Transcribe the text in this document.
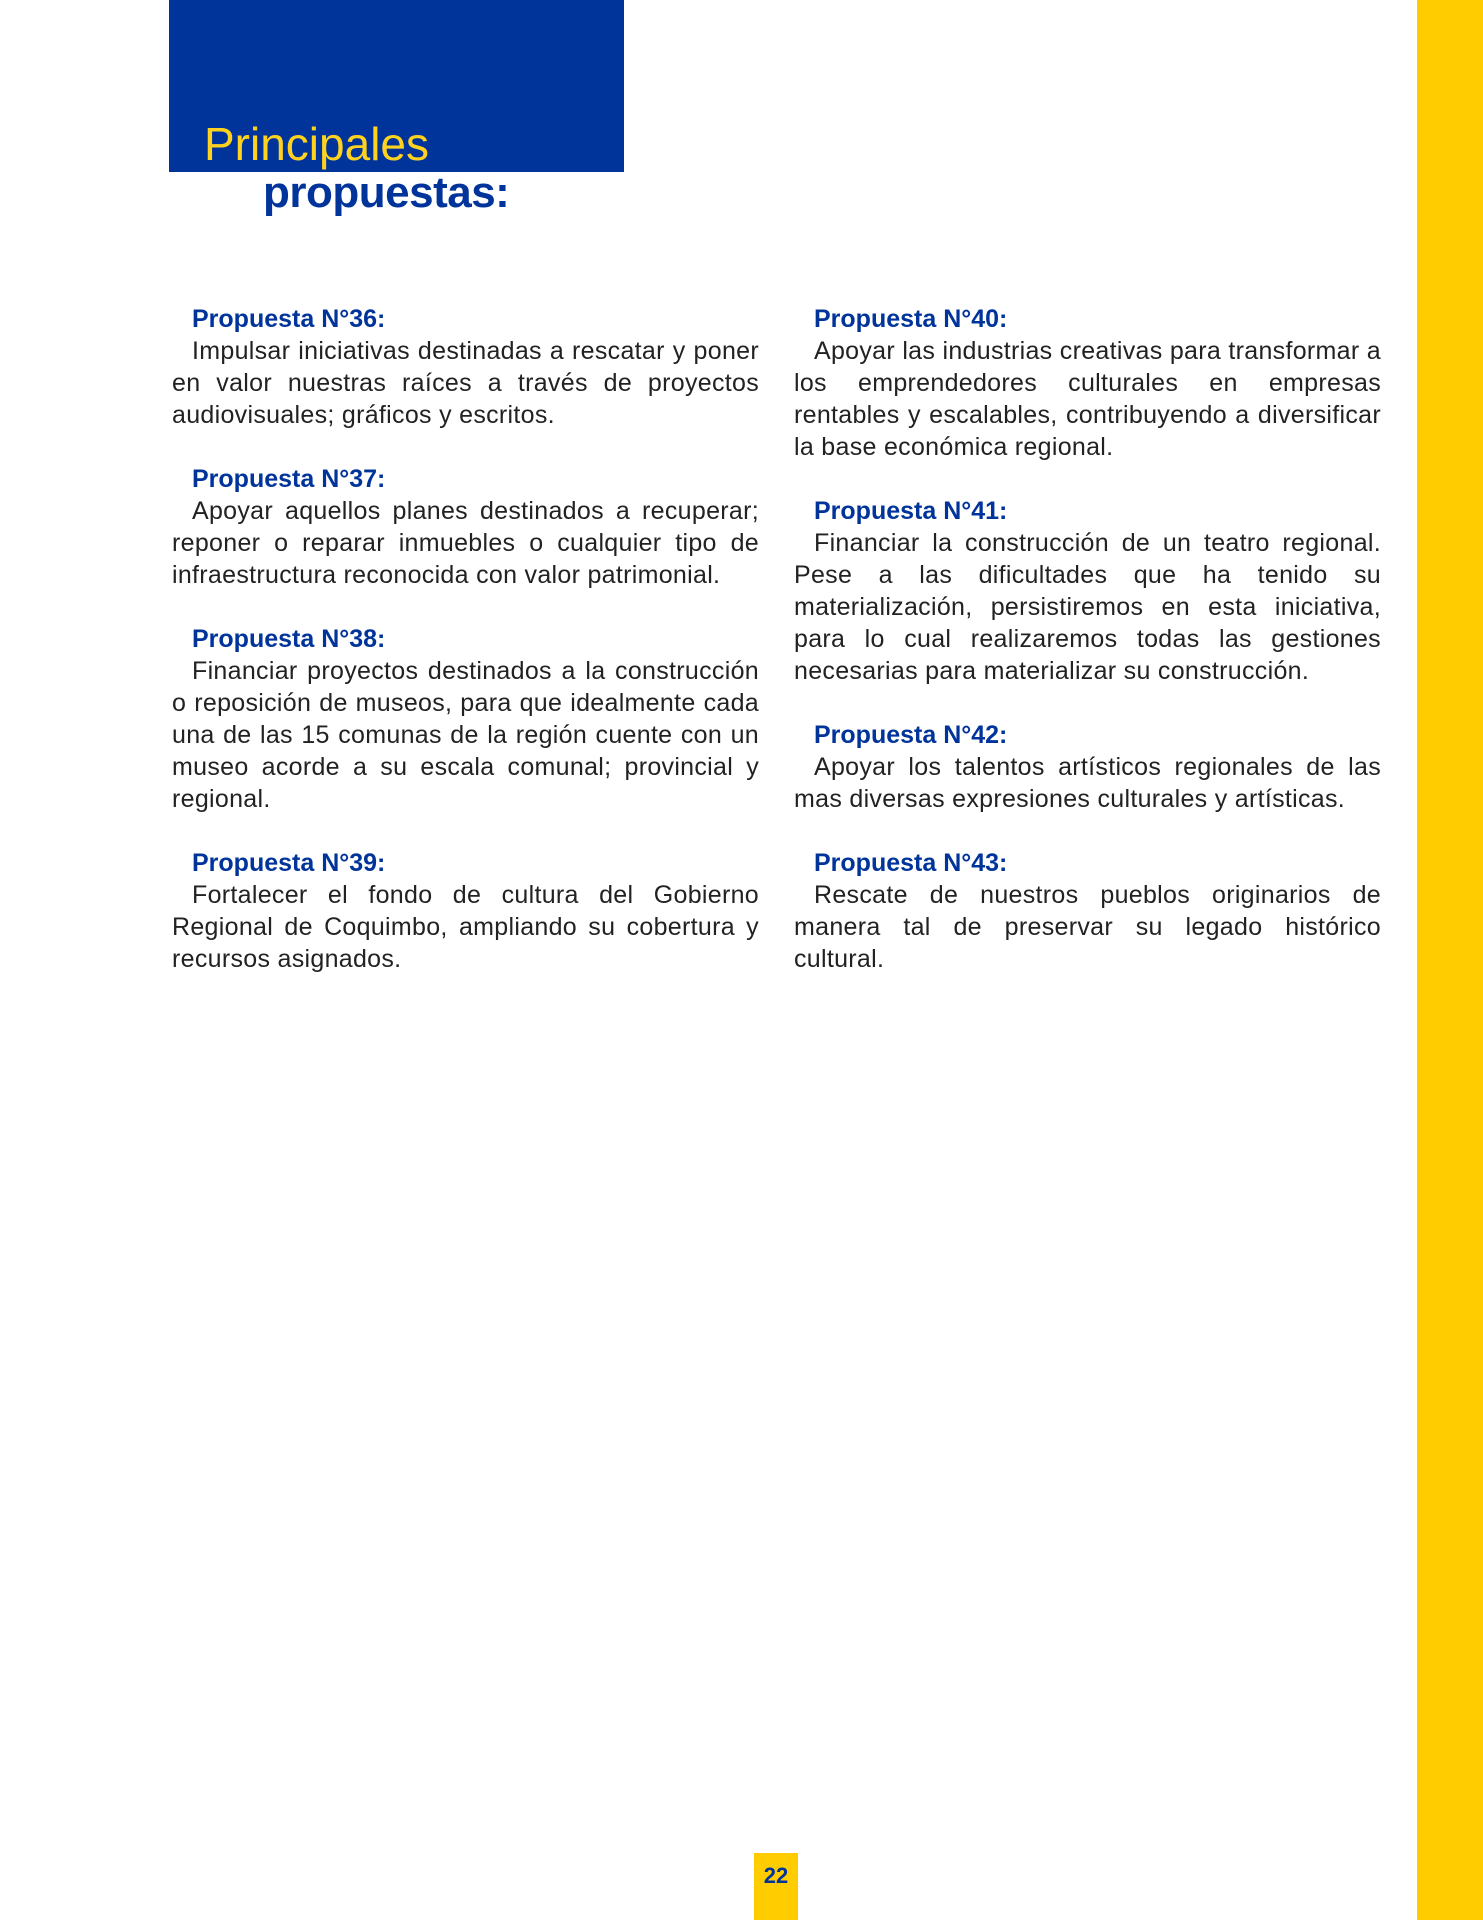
Principales
propuestas:

Propuesta N°36:

Impulsar iniciativas destinadas a rescatar y poner en valor nuestras raíces a través de proyectos audiovisuales; gráficos y escritos.

Propuesta N°37:

Apoyar aquellos planes destinados a recuperar; reponer o reparar inmuebles o cualquier tipo de infraestructura reconocida con valor patrimonial.

Propuesta N°38:

Financiar proyectos destinados a la construcción o reposición de museos, para que idealmente cada una de las 15 comunas de la región cuente con un museo acorde a su escala comunal; provincial y regional.

Propuesta N°39:

Fortalecer el fondo de cultura del Gobierno Regional de Coquimbo, ampliando su cobertura y recursos asignados.

Propuesta N°40:

Apoyar las industrias creativas para transformar a los emprendedores culturales en empresas rentables y escalables, contribuyendo a diversificar la base económica regional.

Propuesta N°41:

Financiar la construcción de un teatro regional. Pese a las dificultades que ha tenido su materialización, persistiremos en esta iniciativa, para lo cual realizaremos todas las gestiones necesarias para materializar su construcción.

Propuesta N°42:

Apoyar los talentos artísticos regionales de las mas diversas expresiones culturales y artísticas.

Propuesta N°43:

Rescate de nuestros pueblos originarios de manera tal de preservar su legado histórico cultural.

22
